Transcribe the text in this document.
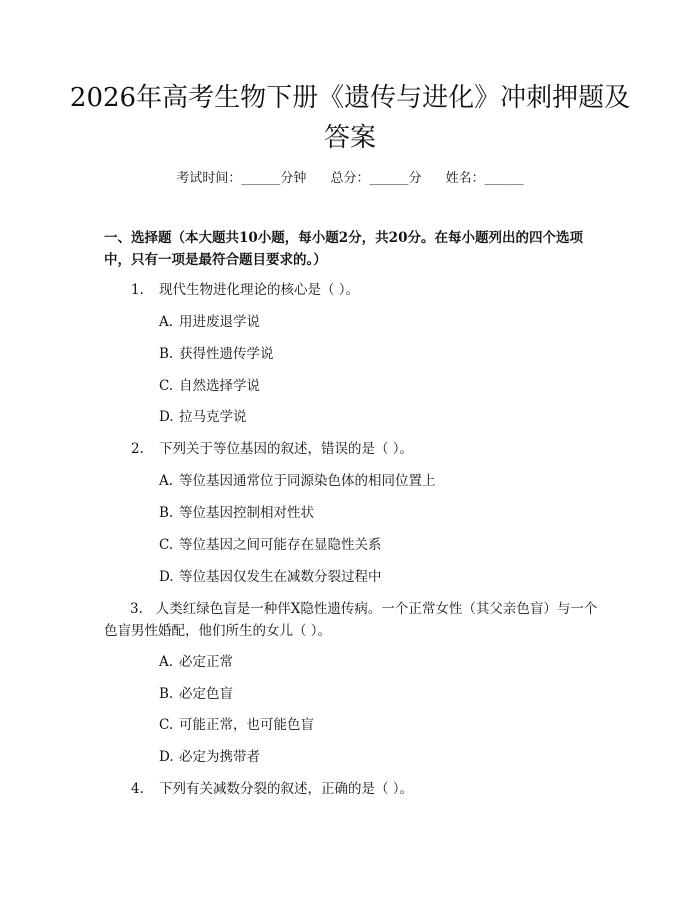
2026年高考生物下册《遗传与进化》冲刺押题及答案
考试时间：______分钟 总分：______分 姓名：______
一、选择题（本大题共10小题，每小题2分，共20分。在每小题列出的四个选项中，只有一项是最符合题目要求的。）
1. 现代生物进化理论的核心是（ ）。
A. 用进废退学说
B. 获得性遗传学说
C. 自然选择学说
D. 拉马克学说
2. 下列关于等位基因的叙述，错误的是（ ）。
A. 等位基因通常位于同源染色体的相同位置上
B. 等位基因控制相对性状
C. 等位基因之间可能存在显隐性关系
D. 等位基因仅发生在减数分裂过程中
3. 人类红绿色盲是一种伴X隐性遗传病。一个正常女性（其父亲色盲）与一个色盲男性婚配，他们所生的女儿（ ）。
A. 必定正常
B. 必定色盲
C. 可能正常，也可能色盲
D. 必定为携带者
4. 下列有关减数分裂的叙述，正确的是（ ）。
